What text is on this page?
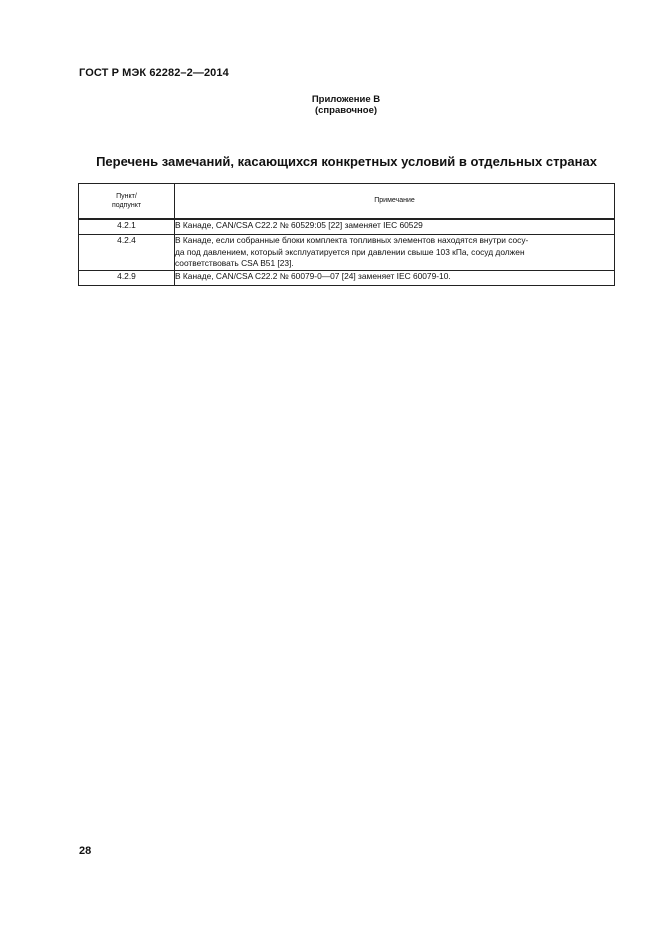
ГОСТ Р МЭК 62282–2—2014
Приложение В
(справочное)
Перечень замечаний, касающихся конкретных условий в отдельных странах
Пункт/
подпункт	Примечание
4.2.1	В Канаде, CAN/CSA C22.2 № 60529:05 [22] заменяет IEC 60529

4.2.4	В Канаде, если собранные блоки комплекта топливных элементов находятся внутри сосу-
да под давлением, который эксплуатируется при давлении свыше 103 кПа, сосуд должен
соответствовать CSA B51 [23].

4.2.9	В Канаде, CAN/CSA C22.2 № 60079-0—07 [24] заменяет IEC 60079-10.
28
